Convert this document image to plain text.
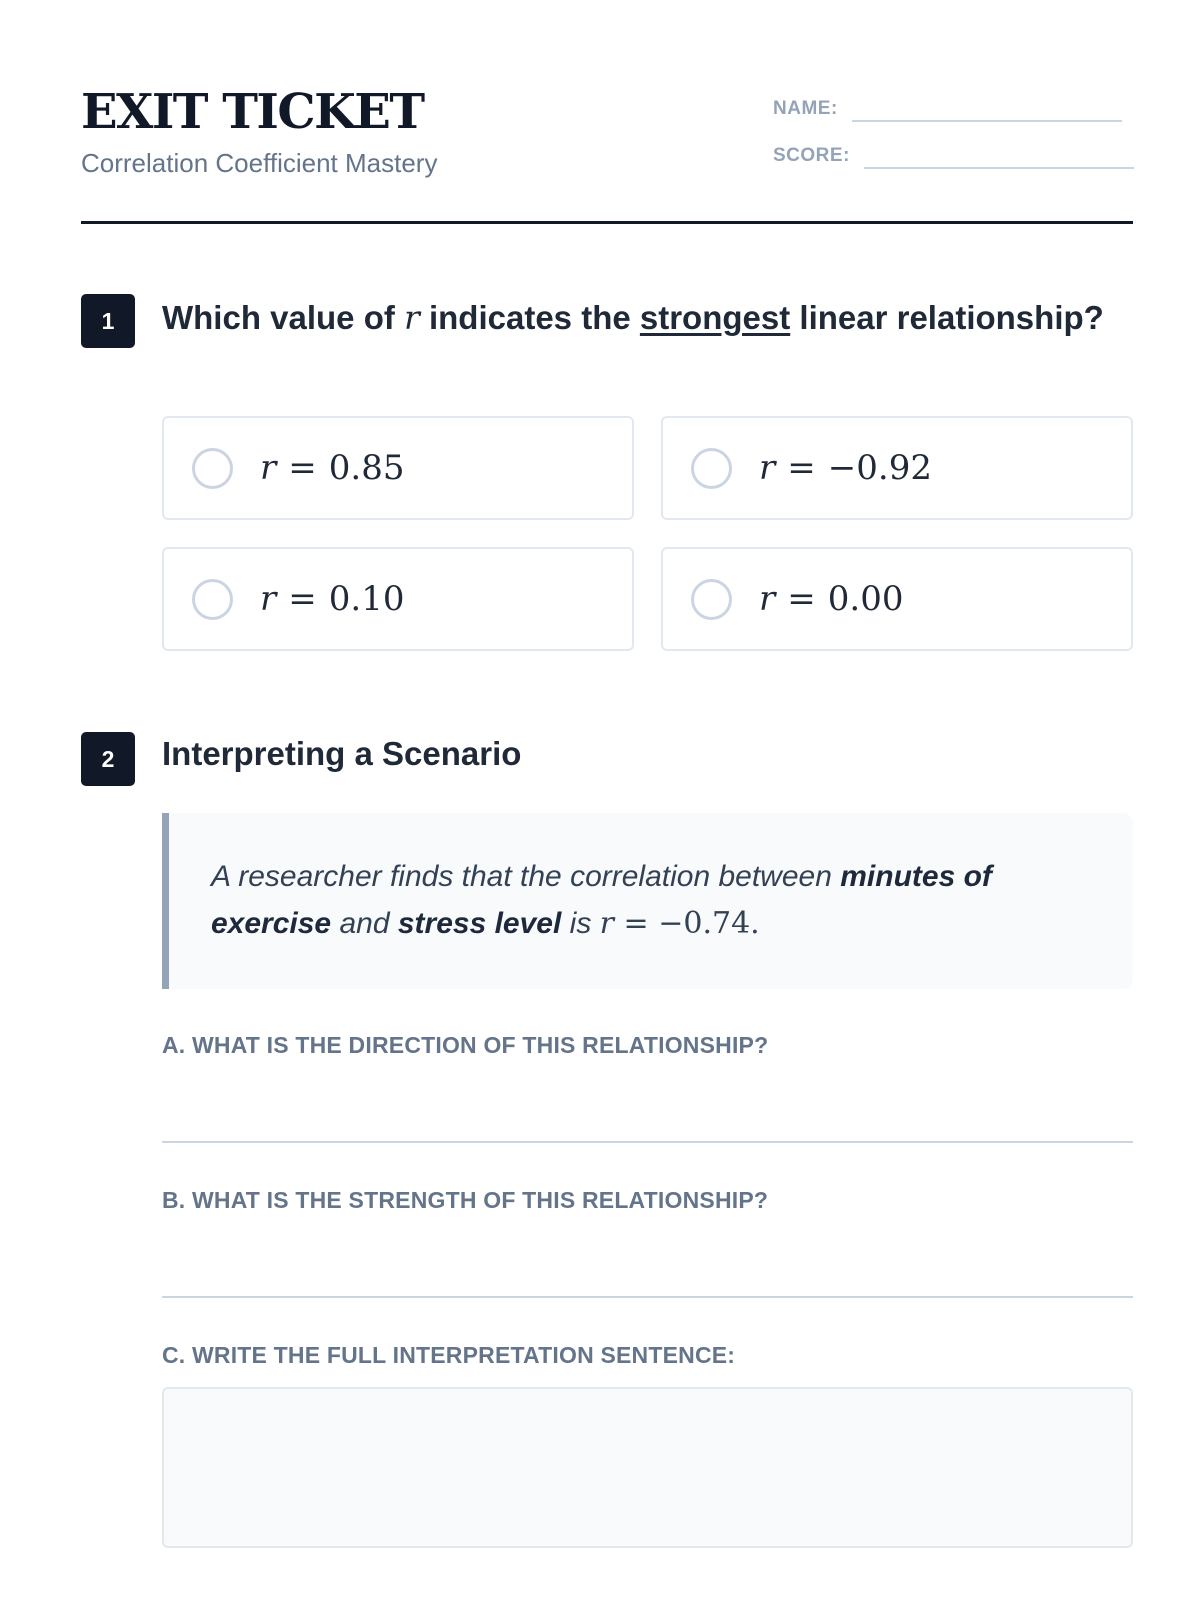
EXIT TICKET
Correlation Coefficient Mastery
NAME:
SCORE:
1	Which value of r indicates the strongest linear relationship?
r = 0.85	r = −0.92
r = 0.10	r = 0.00
2	Interpreting a Scenario

A researcher finds that the correlation between minutes of exercise and stress level is r = −0.74.

A. WHAT IS THE DIRECTION OF THIS RELATIONSHIP?
B. WHAT IS THE STRENGTH OF THIS RELATIONSHIP?
C. WRITE THE FULL INTERPRETATION SENTENCE:
